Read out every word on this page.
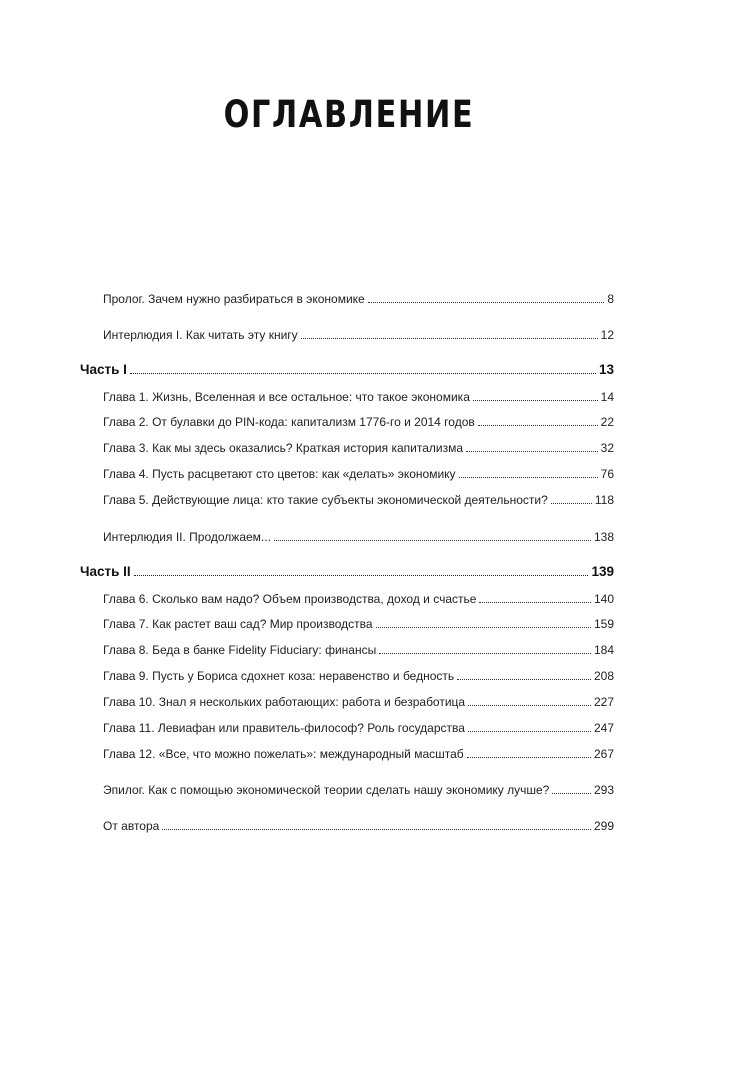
ОГЛАВЛЕНИЕ
Пролог. Зачем нужно разбираться в экономике	8
Интерлюдия I. Как читать эту книгу	12
Часть I	13
Глава 1. Жизнь, Вселенная и все остальное: что такое экономика	14
Глава 2. От булавки до PIN-кода: капитализм 1776-го и 2014 годов	22
Глава 3. Как мы здесь оказались? Краткая история капитализма	32
Глава 4. Пусть расцветают сто цветов: как «делать» экономику	76
Глава 5. Действующие лица: кто такие субъекты экономической деятельности?	118
Интерлюдия II. Продолжаем...	138
Часть II	139
Глава 6. Сколько вам надо? Объем производства, доход и счастье	140
Глава 7. Как растет ваш сад? Мир производства	159
Глава 8. Беда в банке Fidelity Fiduciary: финансы	184
Глава 9. Пусть у Бориса сдохнет коза: неравенство и бедность	208
Глава 10. Знал я нескольких работающих: работа и безработица	227
Глава 11. Левиафан или правитель-философ? Роль государства	247
Глава 12. «Все, что можно пожелать»: международный масштаб	267
Эпилог. Как с помощью экономической теории сделать нашу экономику лучше?	293
От автора	299
